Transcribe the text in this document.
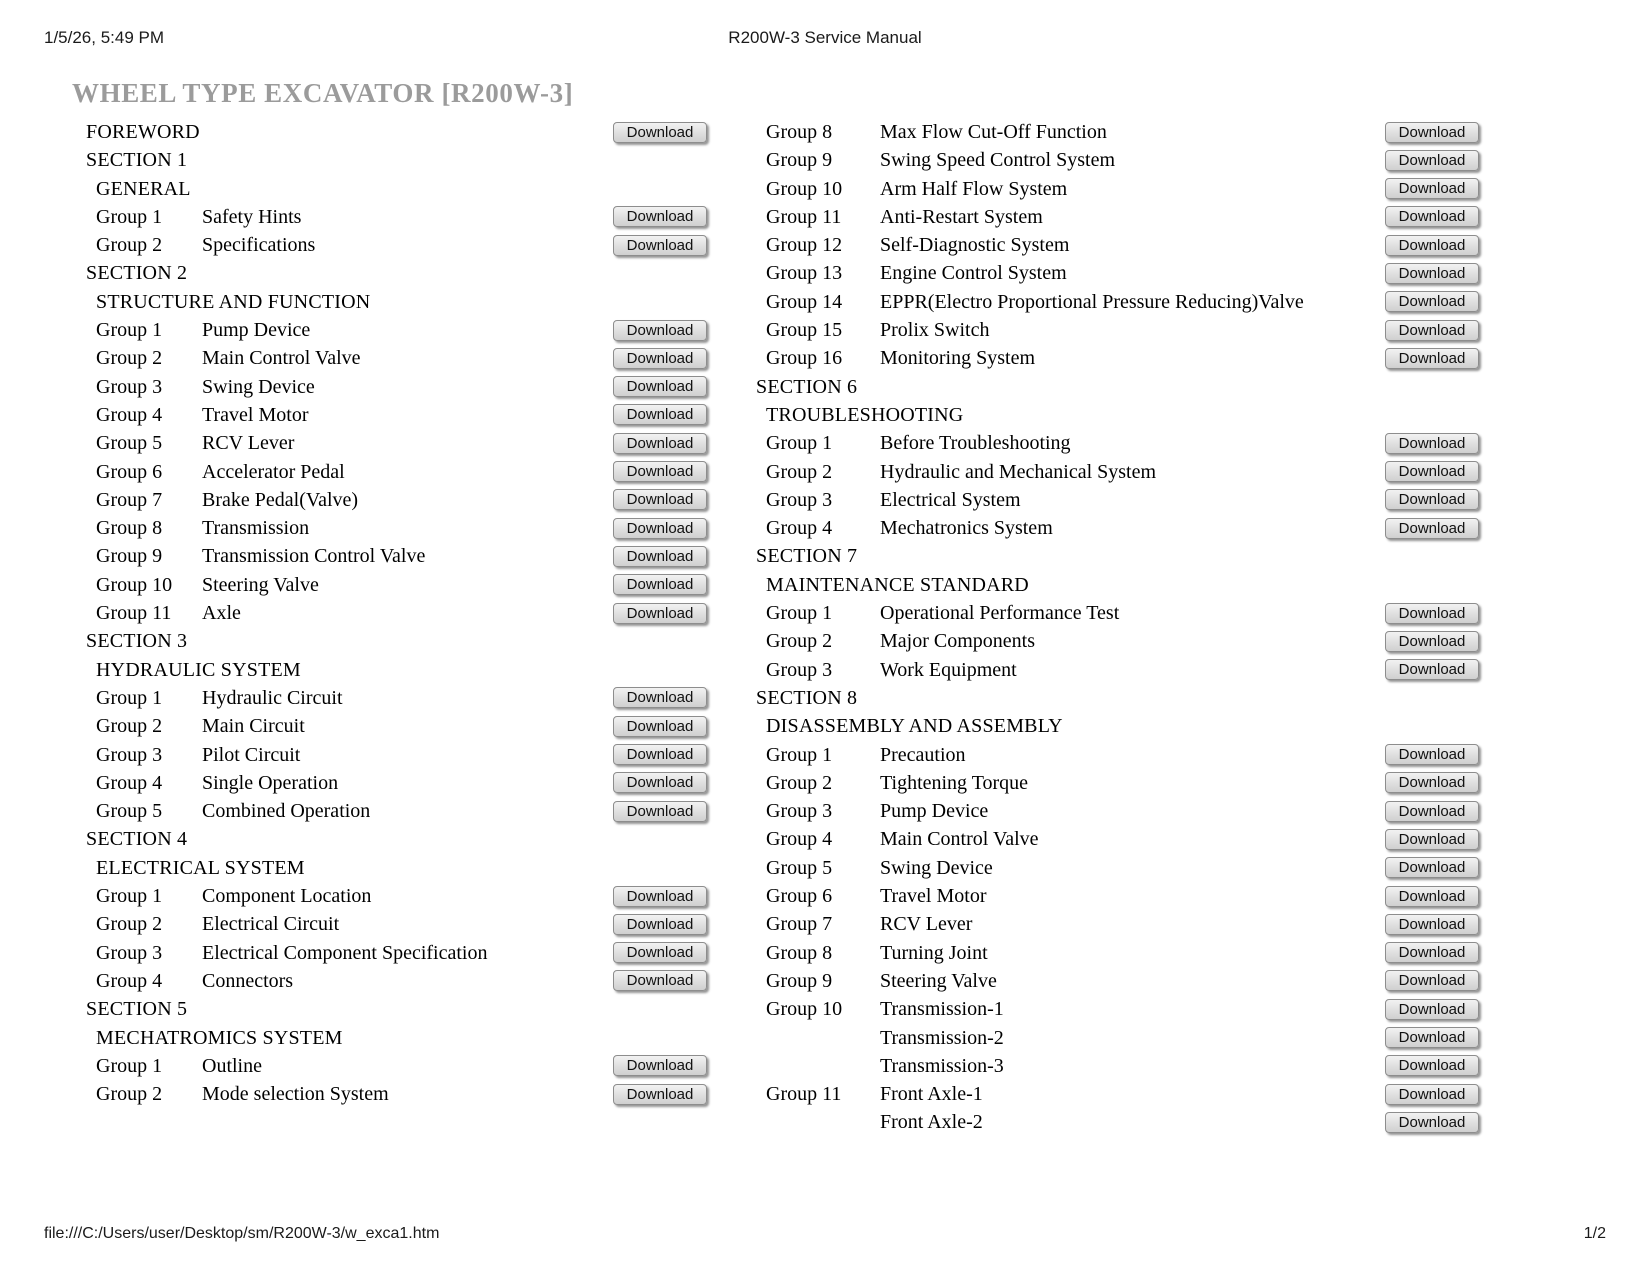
1/5/26, 5:49 PM	R200W-3 Service Manual
WHEEL TYPE EXCAVATOR [R200W-3]
FOREWORD	Download
SECTION 1
GENERAL
Group 1 Safety Hints	Download
Group 2 Specifications	Download
SECTION 2
STRUCTURE AND FUNCTION
Group 1 Pump Device	Download
Group 2 Main Control Valve	Download
Group 3 Swing Device	Download
Group 4 Travel Motor	Download
Group 5 RCV Lever	Download
Group 6 Accelerator Pedal	Download
Group 7 Brake Pedal(Valve)	Download
Group 8 Transmission	Download
Group 9 Transmission Control Valve	Download
Group 10 Steering Valve	Download
Group 11 Axle	Download
SECTION 3
HYDRAULIC SYSTEM
Group 1 Hydraulic Circuit	Download
Group 2 Main Circuit	Download
Group 3 Pilot Circuit	Download
Group 4 Single Operation	Download
Group 5 Combined Operation	Download
SECTION 4
ELECTRICAL SYSTEM
Group 1 Component Location	Download
Group 2 Electrical Circuit	Download
Group 3 Electrical Component Specification	Download
Group 4 Connectors	Download
SECTION 5
MECHATROMICS SYSTEM
Group 1 Outline	Download
Group 2 Mode selection System	Download
Group 8 Max Flow Cut-Off Function	Download
Group 9 Swing Speed Control System	Download
Group 10 Arm Half Flow System	Download
Group 11 Anti-Restart System	Download
Group 12 Self-Diagnostic System	Download
Group 13 Engine Control System	Download
Group 14 EPPR(Electro Proportional Pressure Reducing)Valve	Download
Group 15 Prolix Switch	Download
Group 16 Monitoring System	Download
SECTION 6
TROUBLESHOOTING
Group 1 Before Troubleshooting	Download
Group 2 Hydraulic and Mechanical System	Download
Group 3 Electrical System	Download
Group 4 Mechatronics System	Download
SECTION 7
MAINTENANCE STANDARD
Group 1 Operational Performance Test	Download
Group 2 Major Components	Download
Group 3 Work Equipment	Download
SECTION 8
DISASSEMBLY AND ASSEMBLY
Group 1 Precaution	Download
Group 2 Tightening Torque	Download
Group 3 Pump Device	Download
Group 4 Main Control Valve	Download
Group 5 Swing Device	Download
Group 6 Travel Motor	Download
Group 7 RCV Lever	Download
Group 8 Turning Joint	Download
Group 9 Steering Valve	Download
Group 10 Transmission-1	Download
Transmission-2	Download
Transmission-3	Download
Group 11 Front Axle-1	Download
Front Axle-2	Download
file:///C:/Users/user/Desktop/sm/R200W-3/w_exca1.htm	1/2
